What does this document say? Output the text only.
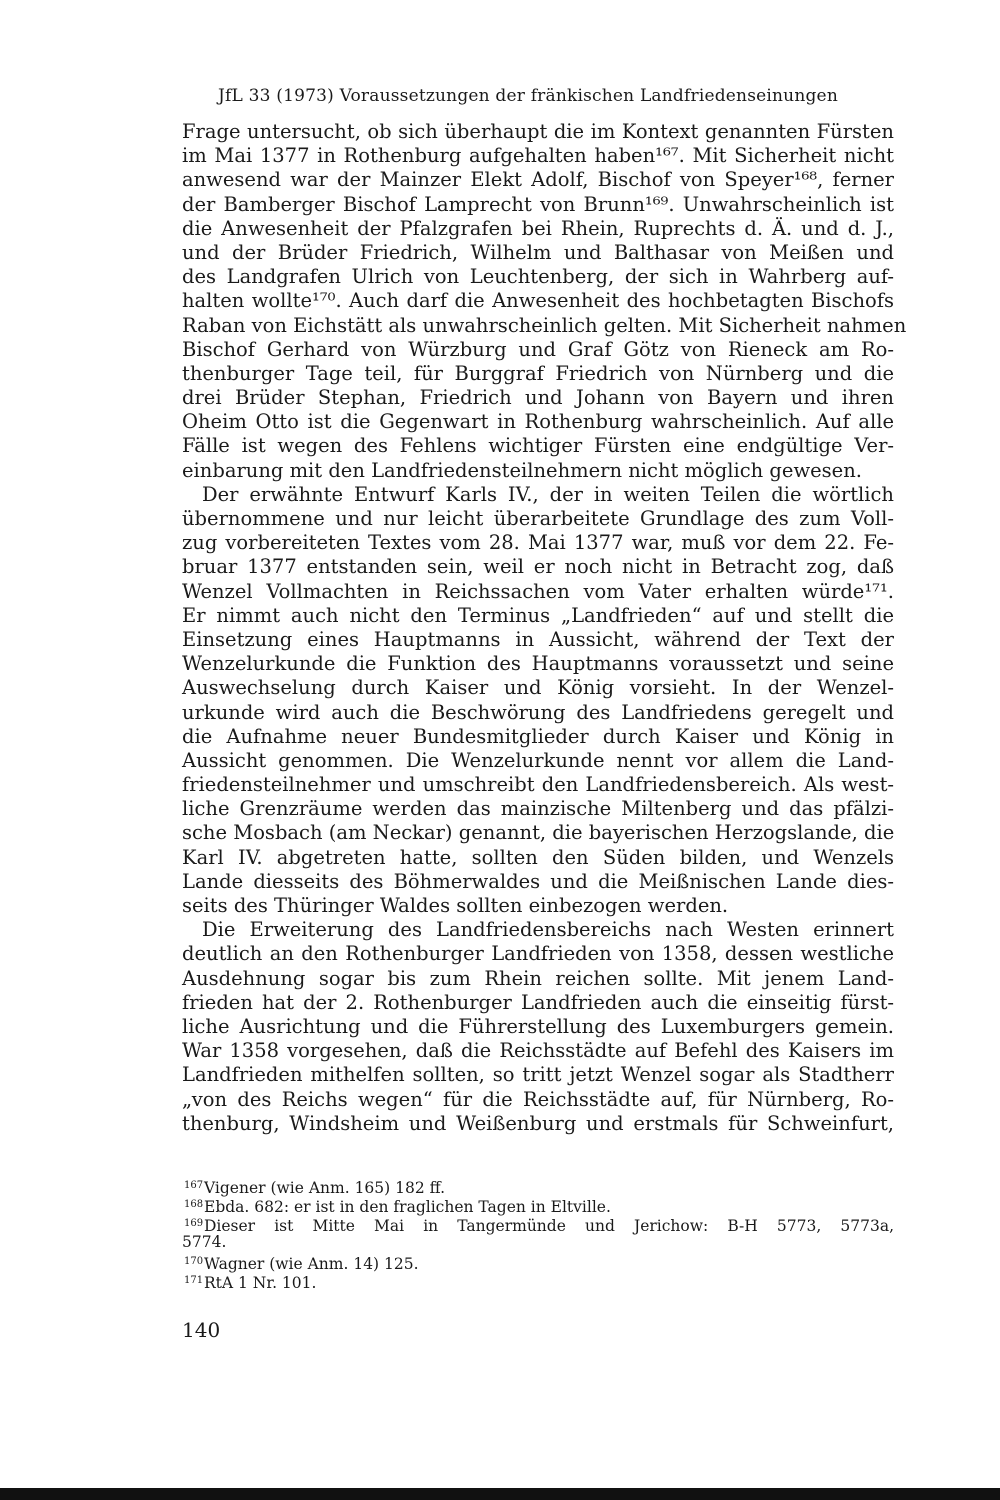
JfL 33 (1973) Voraussetzungen der fränkischen Landfriedenseinungen
Frage untersucht, ob sich überhaupt die im Kontext genannten Fürsten
im Mai 1377 in Rothenburg aufgehalten haben¹⁶⁷. Mit Sicherheit nicht
anwesend war der Mainzer Elekt Adolf, Bischof von Speyer¹⁶⁸, ferner
der Bamberger Bischof Lamprecht von Brunn¹⁶⁹. Unwahrscheinlich ist
die Anwesenheit der Pfalzgrafen bei Rhein, Ruprechts d. Ä. und d. J.,
und der Brüder Friedrich, Wilhelm und Balthasar von Meißen und
des Landgrafen Ulrich von Leuchtenberg, der sich in Wahrberg auf-
halten wollte¹⁷⁰. Auch darf die Anwesenheit des hochbetagten Bischofs
Raban von Eichstätt als unwahrscheinlich gelten. Mit Sicherheit nahmen
Bischof Gerhard von Würzburg und Graf Götz von Rieneck am Ro-
thenburger Tage teil, für Burggraf Friedrich von Nürnberg und die
drei Brüder Stephan, Friedrich und Johann von Bayern und ihren
Oheim Otto ist die Gegenwart in Rothenburg wahrscheinlich. Auf alle
Fälle ist wegen des Fehlens wichtiger Fürsten eine endgültige Ver-
einbarung mit den Landfriedensteilnehmern nicht möglich gewesen.
Der erwähnte Entwurf Karls IV., der in weiten Teilen die wörtlich
übernommene und nur leicht überarbeitete Grundlage des zum Voll-
zug vorbereiteten Textes vom 28. Mai 1377 war, muß vor dem 22. Fe-
bruar 1377 entstanden sein, weil er noch nicht in Betracht zog, daß
Wenzel Vollmachten in Reichssachen vom Vater erhalten würde¹⁷¹.
Er nimmt auch nicht den Terminus „Landfrieden“ auf und stellt die
Einsetzung eines Hauptmanns in Aussicht, während der Text der
Wenzelurkunde die Funktion des Hauptmanns voraussetzt und seine
Auswechselung durch Kaiser und König vorsieht. In der Wenzel-
urkunde wird auch die Beschwörung des Landfriedens geregelt und
die Aufnahme neuer Bundesmitglieder durch Kaiser und König in
Aussicht genommen. Die Wenzelurkunde nennt vor allem die Land-
friedensteilnehmer und umschreibt den Landfriedensbereich. Als west-
liche Grenzräume werden das mainzische Miltenberg und das pfälzi-
sche Mosbach (am Neckar) genannt, die bayerischen Herzogslande, die
Karl IV. abgetreten hatte, sollten den Süden bilden, und Wenzels
Lande diesseits des Böhmerwaldes und die Meißnischen Lande dies-
seits des Thüringer Waldes sollten einbezogen werden.
Die Erweiterung des Landfriedensbereichs nach Westen erinnert
deutlich an den Rothenburger Landfrieden von 1358, dessen westliche
Ausdehnung sogar bis zum Rhein reichen sollte. Mit jenem Land-
frieden hat der 2. Rothenburger Landfrieden auch die einseitig fürst-
liche Ausrichtung und die Führerstellung des Luxemburgers gemein.
War 1358 vorgesehen, daß die Reichsstädte auf Befehl des Kaisers im
Landfrieden mithelfen sollten, so tritt jetzt Wenzel sogar als Stadtherr
„von des Reichs wegen“ für die Reichsstädte auf, für Nürnberg, Ro-
thenburg, Windsheim und Weißenburg und erstmals für Schweinfurt,
167Vigener (wie Anm. 165) 182 ff.
168Ebda. 682: er ist in den fraglichen Tagen in Eltville.
169Dieser ist Mitte Mai in Tangermünde und Jerichow: B-H 5773, 5773a,
5774.
170Wagner (wie Anm. 14) 125.
171RtA 1 Nr. 101.
140
